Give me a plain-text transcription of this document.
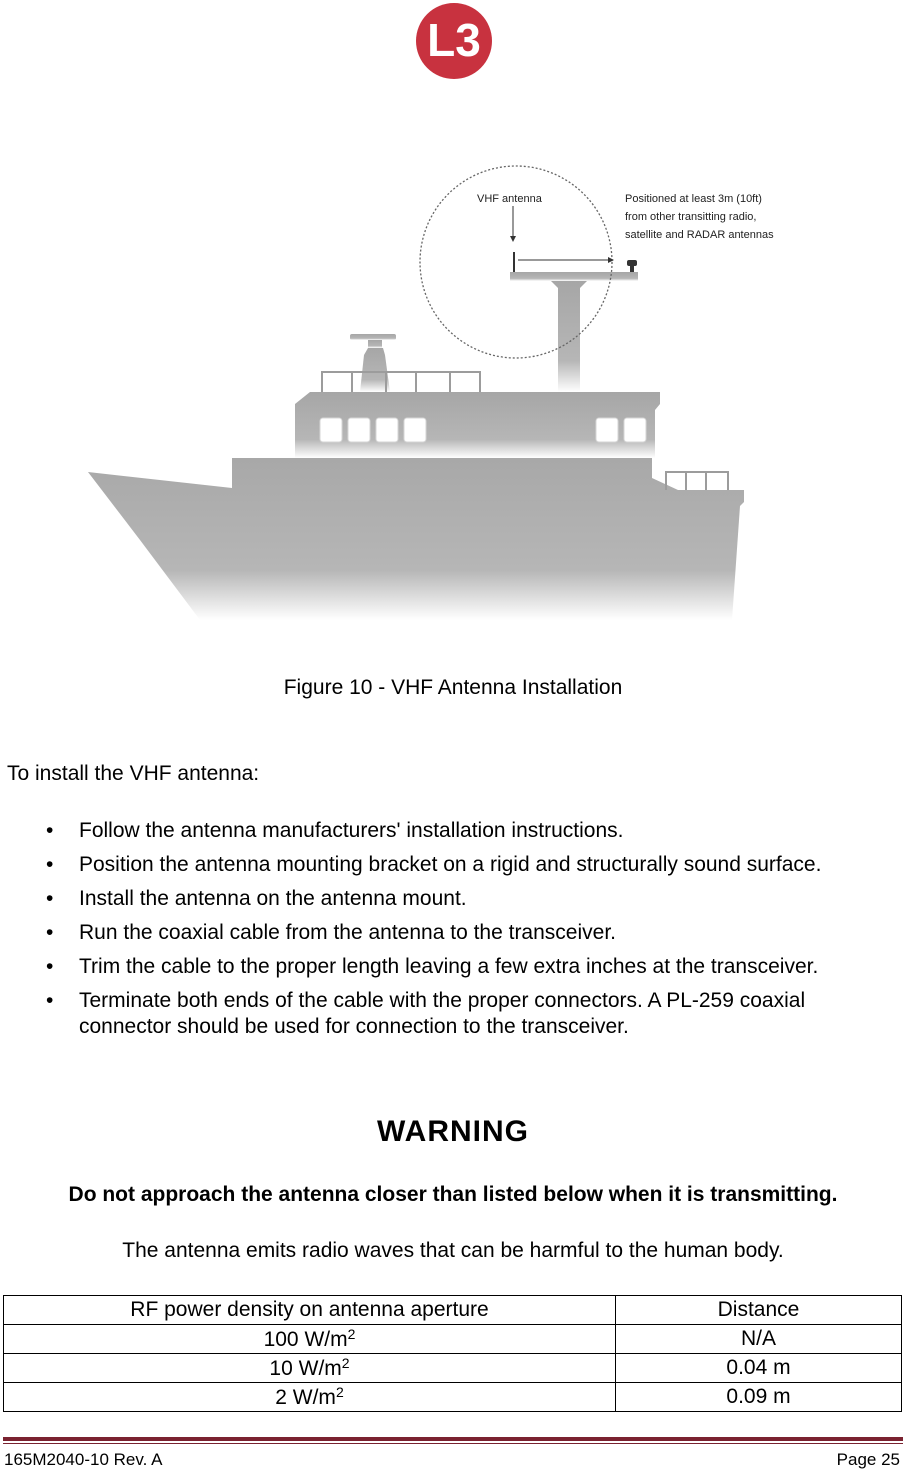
L3
VHF antenna	Positioned at least 3m (10ft)
from other transitting radio,
satellite and RADAR antennas
Figure 10 - VHF Antenna Installation
To install the VHF antenna:
• Follow the antenna manufacturers' installation instructions.
• Position the antenna mounting bracket on a rigid and structurally sound surface.
• Install the antenna on the antenna mount.
• Run the coaxial cable from the antenna to the transceiver.
• Trim the cable to the proper length leaving a few extra inches at the transceiver.
• Terminate both ends of the cable with the proper connectors. A PL-259 coaxial connector should be used for connection to the transceiver.
WARNING
Do not approach the antenna closer than listed below when it is transmitting.
The antenna emits radio waves that can be harmful to the human body.
RF power density on antenna aperture	Distance
100 $W/m^2$	N/A
10 $W/m^2$	0.04 m
2 $W/m^2$	0.09 m
165M2040-10 Rev. A	Page 25
